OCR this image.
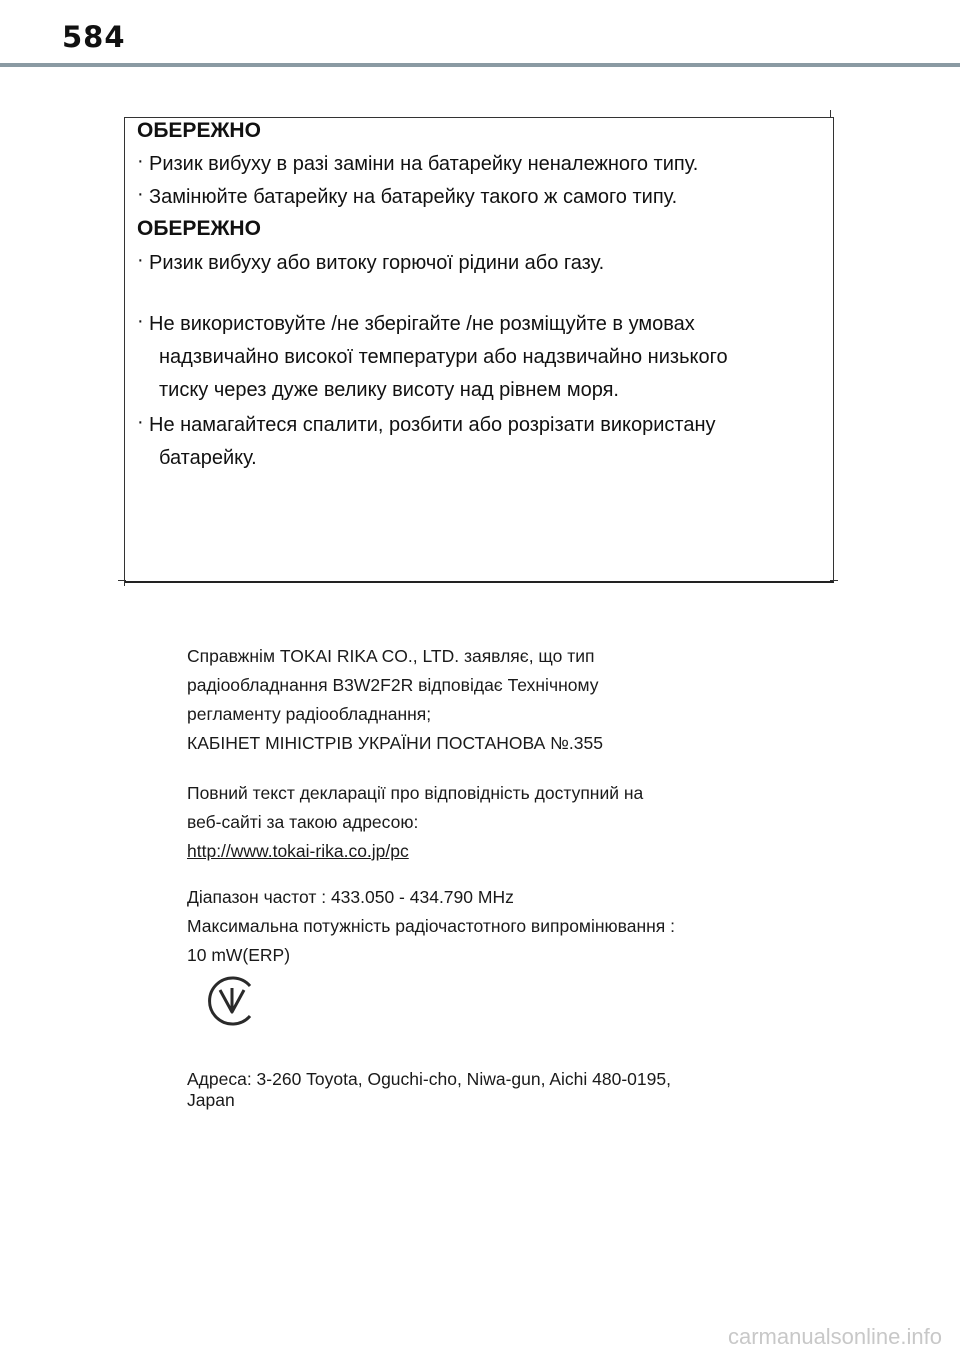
584

ОБЕРЕЖНО

· Ризик вибуху в разі заміни на батарейку неналежного типу.
· Замінюйте батарейку на батарейку такого ж самого типу.

ОБЕРЕЖНО

· Ризик вибуху або витоку горючої рідини або газу.
· Не використовуйте /не зберігайте /не розміщуйте в умовах
надзвичайно високої температури або надзвичайно низького
тиску через дуже велику висоту над рівнем моря.
· Не намагайтеся спалити, розбити або розрізати використану
батарейку.

Справжнім TOKAI RIKA CO., LTD. заявляє, що тип

радіообладнання B3W2F2R відповідає Технічному

регламенту радіообладнання;

КАБІНЕТ МІНІСТРІВ УКРАЇНИ ПОСТАНОВА №.355

Повний текст декларації про відповідність доступний на

веб-сайті за такою адресою:

http://www.tokai-rika.co.jp/pc

Діапазон частот : 433.050 - 434.790 MHz

Максимальна потужність радіочастотного випромінювання :

10 mW(ERP)

Адреса: 3-260 Toyota, Oguchi-cho, Niwa-gun, Aichi 480-0195,

Japan

carmanualsonline.info
